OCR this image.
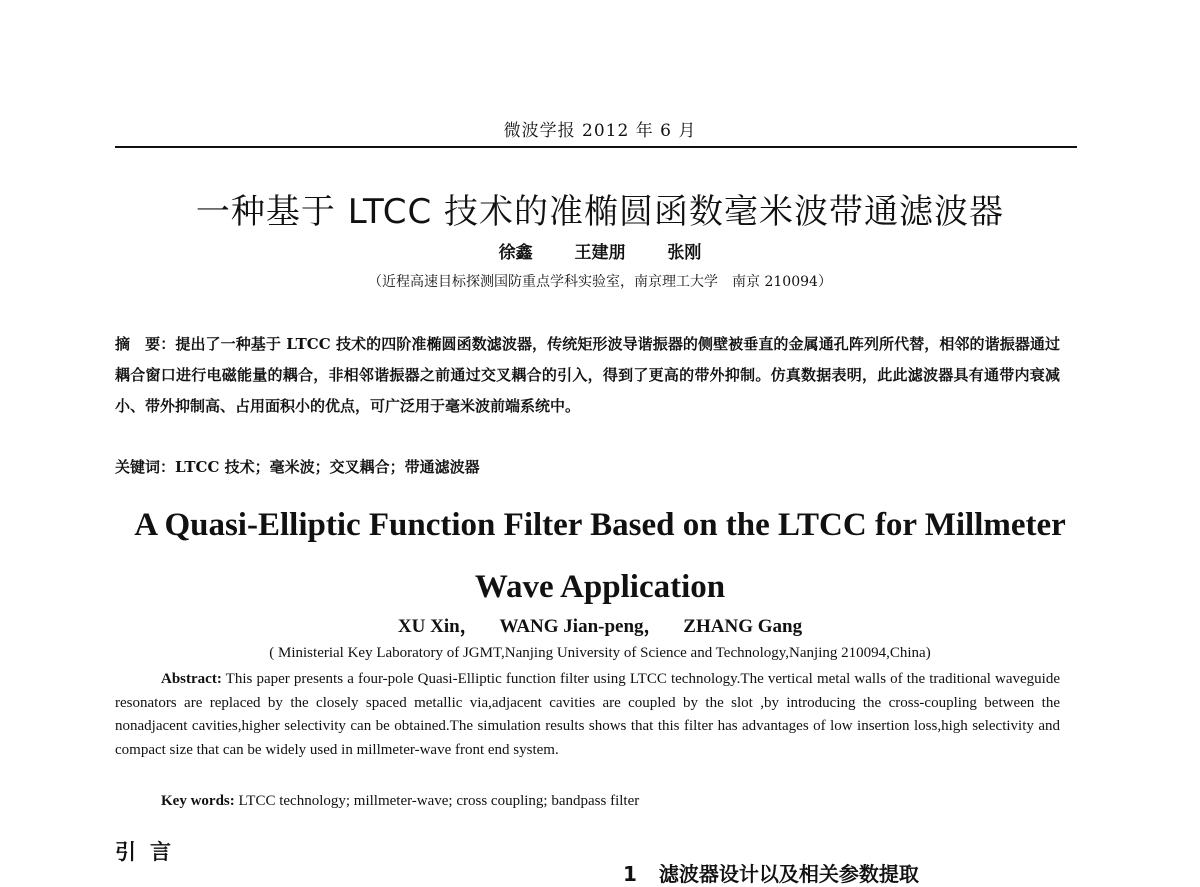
微波学报 2012 年 6 月
一种基于 LTCC 技术的准椭圆函数毫米波带通滤波器
徐鑫 王建朋 张刚
（近程高速目标探测国防重点学科实验室，南京理工大学　南京 210094）
摘　要：提出了一种基于 LTCC 技术的四阶准椭圆函数滤波器，传统矩形波导谐振器的侧壁被垂直的金属通孔阵列所代替，相邻的谐振器通过耦合窗口进行电磁能量的耦合，非相邻谐振器之前通过交叉耦合的引入，得到了更高的带外抑制。仿真数据表明，此此滤波器具有通带内衰减小、带外抑制高、占用面积小的优点，可广泛用于毫米波前端系统中。
关键词：LTCC 技术；毫米波；交叉耦合；带通滤波器
A Quasi-Elliptic Function Filter Based on the LTCC for Millmeter
Wave Application
XU Xin， WANG Jian-peng， ZHANG Gang
( Ministerial Key Laboratory of JGMT,Nanjing University of Science and Technology,Nanjing 210094,China)
Abstract: This paper presents a four-pole Quasi-Elliptic function filter using LTCC technology.The vertical metal walls of the traditional waveguide resonators are replaced by the closely spaced metallic via,adjacent cavities are coupled by the slot ,by introducing the cross-coupling between the nonadjacent cavities,higher selectivity can be obtained.The simulation results shows that this filter has advantages of low insertion loss,high selectivity and compact size that can be widely used in millmeter-wave front end system.
Key words: LTCC technology; millmeter-wave; cross coupling; bandpass filter
引言
1 滤波器设计以及相关参数提取
